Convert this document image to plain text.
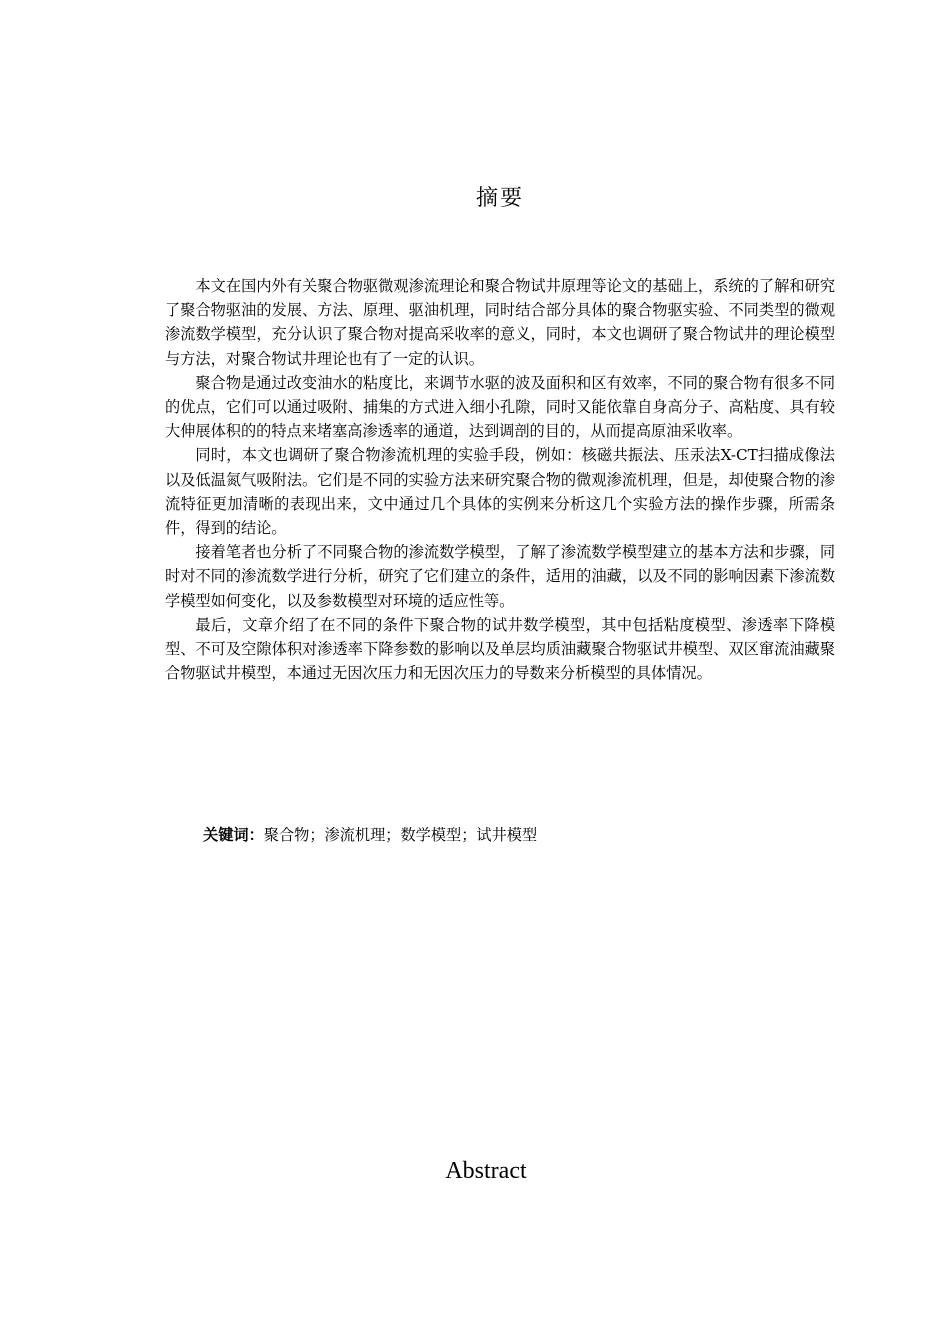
摘要

本文在国内外有关聚合物驱微观渗流理论和聚合物试井原理等论文的基础上，系统的了解和研究了聚合物驱油的发展、方法、原理、驱油机理，同时结合部分具体的聚合物驱实验、不同类型的微观渗流数学模型，充分认识了聚合物对提高采收率的意义，同时，本文也调研了聚合物试井的理论模型与方法，对聚合物试井理论也有了一定的认识。

聚合物是通过改变油水的粘度比，来调节水驱的波及面积和区有效率，不同的聚合物有很多不同的优点，它们可以通过吸附、捕集的方式进入细小孔隙，同时又能依靠自身高分子、高粘度、具有较大伸展体积的的特点来堵塞高渗透率的通道，达到调剖的目的，从而提高原油采收率。

同时，本文也调研了聚合物渗流机理的实验手段，例如：核磁共振法、压汞法X-CT扫描成像法以及低温氮气吸附法。它们是不同的实验方法来研究聚合物的微观渗流机理，但是，却使聚合物的渗流特征更加清晰的表现出来，文中通过几个具体的实例来分析这几个实验方法的操作步骤，所需条件，得到的结论。

接着笔者也分析了不同聚合物的渗流数学模型，了解了渗流数学模型建立的基本方法和步骤，同时对不同的渗流数学进行分析，研究了它们建立的条件，适用的油藏，以及不同的影响因素下渗流数学模型如何变化，以及参数模型对环境的适应性等。

最后，文章介绍了在不同的条件下聚合物的试井数学模型，其中包括粘度模型、渗透率下降模型、不可及空隙体积对渗透率下降参数的影响以及单层均质油藏聚合物驱试井模型、双区窜流油藏聚合物驱试井模型，本通过无因次压力和无因次压力的导数来分析模型的具体情况。

关键词：聚合物；渗流机理；数学模型；试井模型
Abstract
